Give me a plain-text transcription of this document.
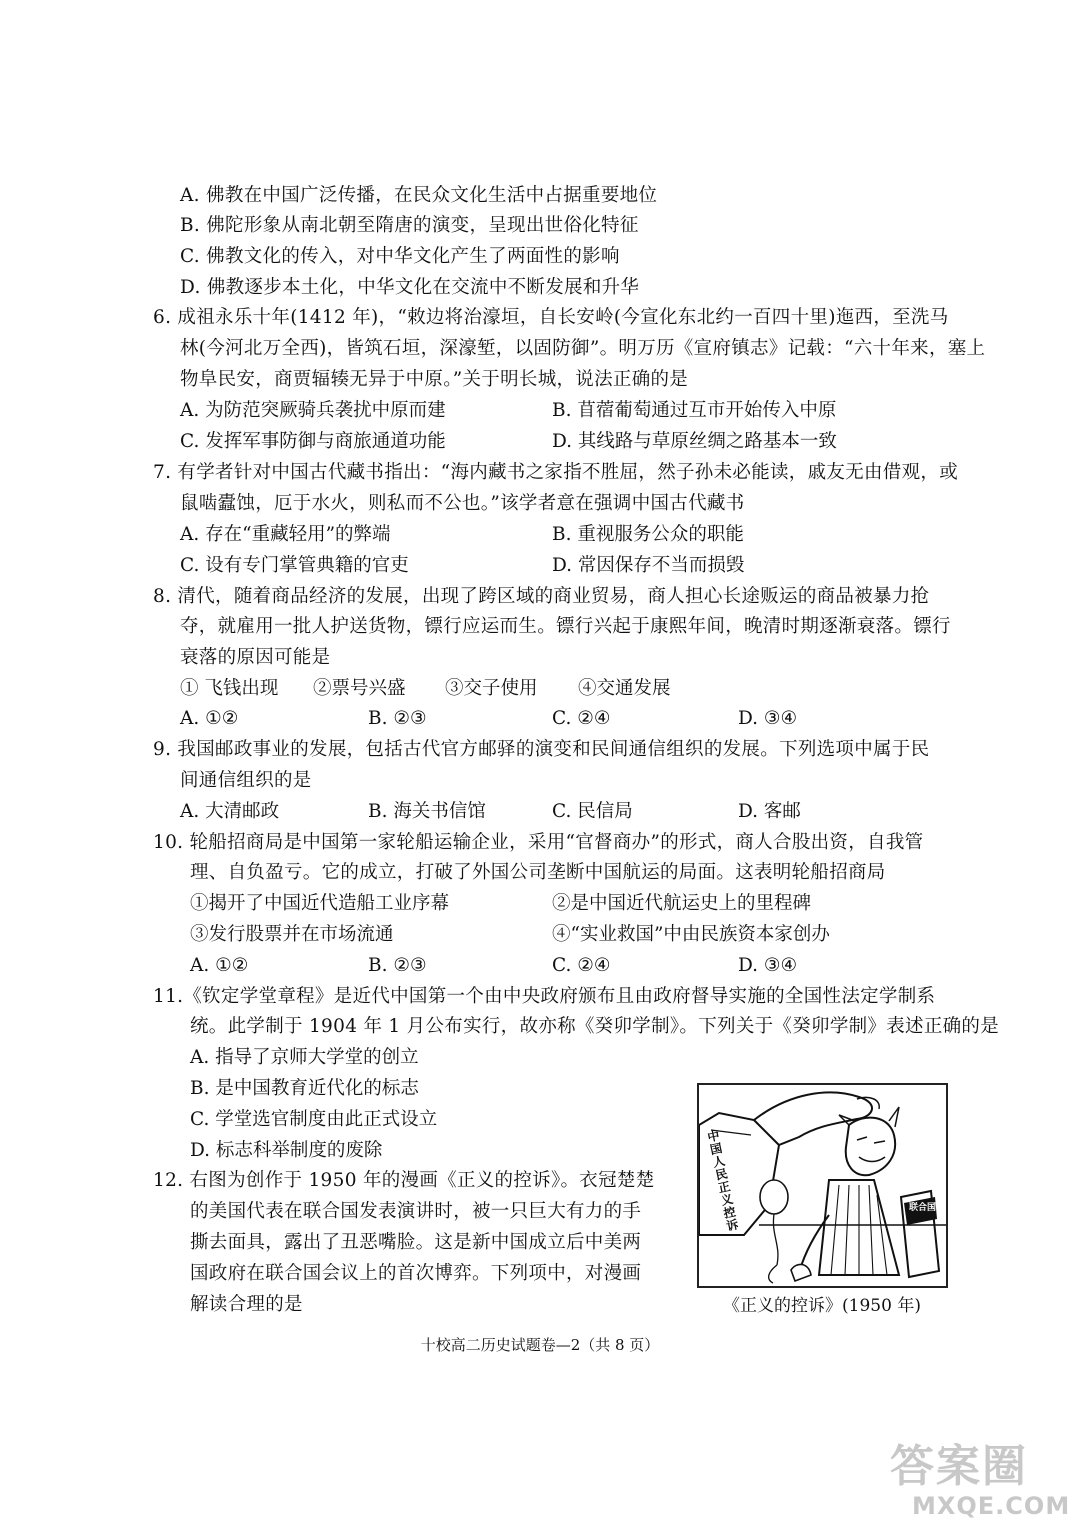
A. 佛教在中国广泛传播，在民众文化生活中占据重要地位
B. 佛陀形象从南北朝至隋唐的演变，呈现出世俗化特征
C. 佛教文化的传入，对中华文化产生了两面性的影响
D. 佛教逐步本土化，中华文化在交流中不断发展和升华
6. 成祖永乐十年(1412 年)，“敕边将治濠垣，自长安岭(今宣化东北约一百四十里)迤西，至洗马
林(今河北万全西)，皆筑石垣，深濠堑，以固防御”。明万历《宣府镇志》记载：“六十年来，塞上
物阜民安，商贾辐辏无异于中原。”关于明长城，说法正确的是
A. 为防范突厥骑兵袭扰中原而建	B. 苜蓿葡萄通过互市开始传入中原
C. 发挥军事防御与商旅通道功能	D. 其线路与草原丝绸之路基本一致
7. 有学者针对中国古代藏书指出：“海内藏书之家指不胜屈，然子孙未必能读，戚友无由借观，或
鼠啮蠹蚀，厄于水火，则私而不公也。”该学者意在强调中国古代藏书
A. 存在“重藏轻用”的弊端	B. 重视服务公众的职能
C. 设有专门掌管典籍的官吏	D. 常因保存不当而损毁
8. 清代，随着商品经济的发展，出现了跨区域的商业贸易，商人担心长途贩运的商品被暴力抢
夺，就雇用一批人护送货物，镖行应运而生。镖行兴起于康熙年间，晚清时期逐渐衰落。镖行
衰落的原因可能是
① 飞钱出现 ②票号兴盛 ③交子使用 ④交通发展
A. ①②	B. ②③	C. ②④	D. ③④
9. 我国邮政事业的发展，包括古代官方邮驿的演变和民间通信组织的发展。下列选项中属于民
间通信组织的是
A. 大清邮政	B. 海关书信馆	C. 民信局	D. 客邮
10. 轮船招商局是中国第一家轮船运输企业，采用“官督商办”的形式，商人合股出资，自我管
理、自负盈亏。它的成立，打破了外国公司垄断中国航运的局面。这表明轮船招商局
①揭开了中国近代造船工业序幕	②是中国近代航运史上的里程碑
③发行股票并在市场流通	④“实业救国”中由民族资本家创办
A. ①②	B. ②③	C. ②④	D. ③④
11.《钦定学堂章程》是近代中国第一个由中央政府颁布且由政府督导实施的全国性法定学制系
统。此学制于 1904 年 1 月公布实行，故亦称《癸卯学制》。下列关于《癸卯学制》表述正确的是
A. 指导了京师大学堂的创立
B. 是中国教育近代化的标志
C. 学堂选官制度由此正式设立
D. 标志科举制度的废除
12. 右图为创作于 1950 年的漫画《正义的控诉》。衣冠楚楚
的美国代表在联合国发表演讲时，被一只巨大有力的手
撕去面具，露出了丑恶嘴脸。这是新中国成立后中美两
国政府在联合国会议上的首次博弈。下列项中，对漫画
解读合理的是
中国人民正义控诉
联合国
《正义的控诉》(1950 年)
十校高二历史试题卷—2（共 8 页）
答案圈
MXQE.COM
